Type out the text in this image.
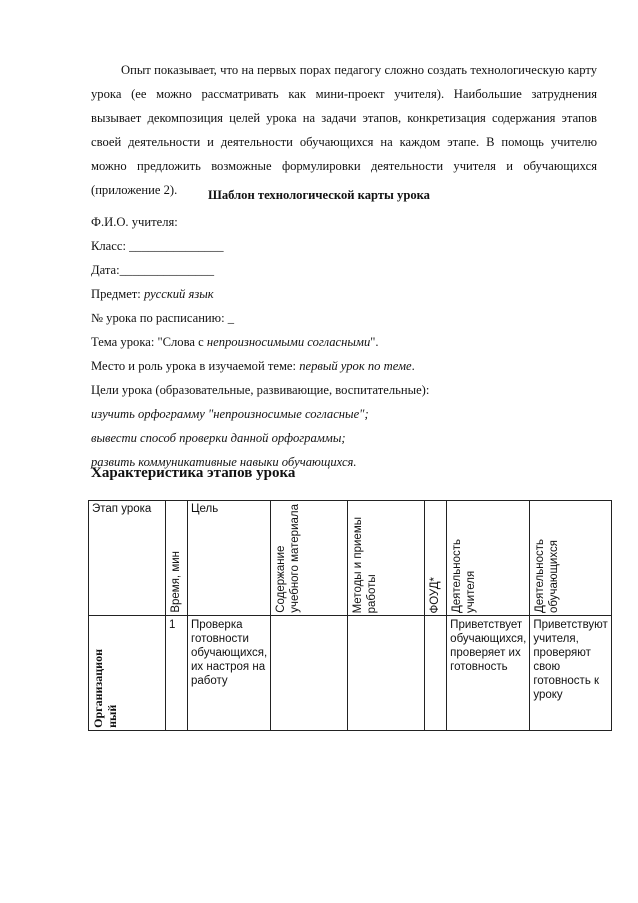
Опыт показывает, что на первых порах педагогу сложно создать технологическую карту урока (ее можно рассматривать как мини-проект учителя). Наибольшие затруднения вызывает декомпозиция целей урока на задачи этапов, конкретизация содержания этапов своей деятельности и деятельности обучающихся на каждом этапе. В помощь учителю можно предложить возможные формулировки деятельности учителя и обучающихся (приложение 2).	Шаблон технологической карты урока

Ф.И.О. учителя:

Класс: _______________

Дата:_______________

Предмет: русский язык

№ урока по расписанию: _

Тема урока: "Слова с непроизносимыми согласными".

Место и роль урока в изучаемой теме: первый урок по теме.

Цели урока (образовательные, развивающие, воспитательные):

изучить орфограмму "непроизносимые согласные";

вывести способ проверки данной орфограммы;

развить коммуникативные навыки обучающихся.

Характеристика этапов урока

Этап урока	Время, мин	Цель	Содержание учебного материала	Методы и приемы работы	ФОУД*	Деятельность учителя	Деятельность обучающихся

Организацион
ный	1	Проверка готовности обучающихся, их настроя на работу				Приветствует обучающихся, проверяет их готовность	Приветствуют учителя, проверяют свою готовность к уроку
